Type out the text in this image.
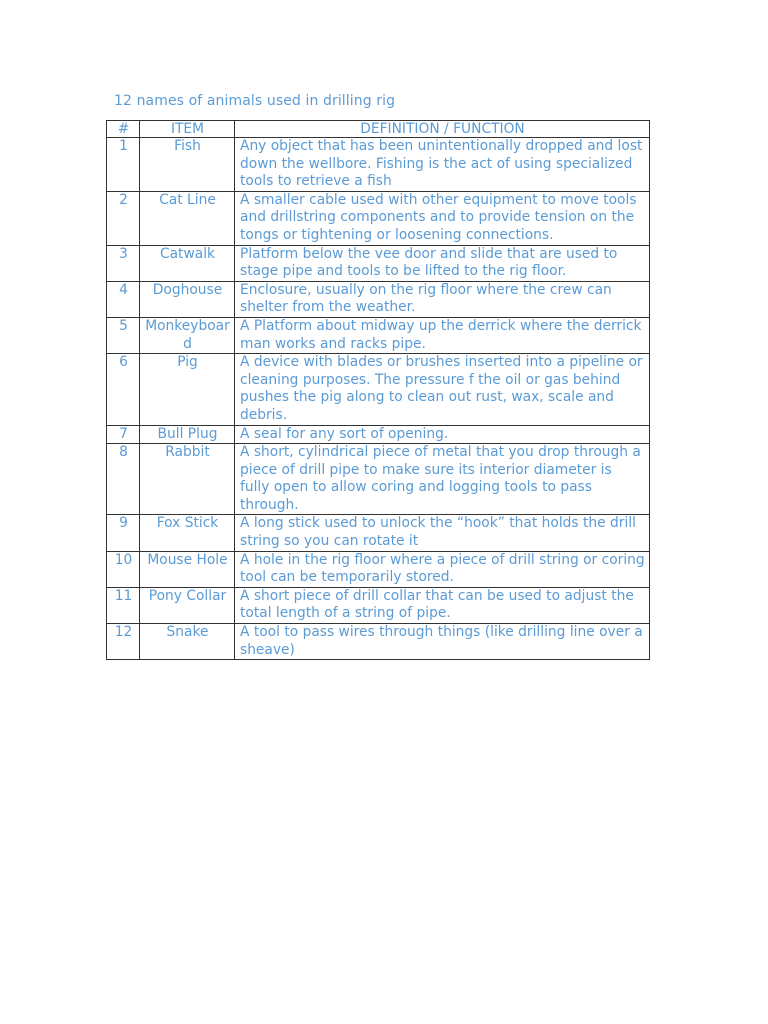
12 names of animals used in drilling rig
#	ITEM	DEFINITION / FUNCTION
1	Fish	Any object that has been unintentionally dropped and lost down the wellbore. Fishing is the act of using specialized tools to retrieve a fish
2	Cat Line	A smaller cable used with other equipment to move tools and drillstring components and to provide tension on the tongs or tightening or loosening connections.
3	Catwalk	Platform below the vee door and slide that are used to stage pipe and tools to be lifted to the rig floor.
4	Doghouse	Enclosure, usually on the rig floor where the crew can shelter from the weather.
5	Monkeyboard	A Platform about midway up the derrick where the derrick man works and racks pipe.
6	Pig	A device with blades or brushes inserted into a pipeline or cleaning purposes. The pressure f the oil or gas behind pushes the pig along to clean out rust, wax, scale and debris.
7	Bull Plug	A seal for any sort of opening.
8	Rabbit	A short, cylindrical piece of metal that you drop through a piece of drill pipe to make sure its interior diameter is fully open to allow coring and logging tools to pass through.
9	Fox Stick	A long stick used to unlock the “hook” that holds the drill string so you can rotate it
10	Mouse Hole	A hole in the rig floor where a piece of drill string or coring tool can be temporarily stored.
11	Pony Collar	A short piece of drill collar that can be used to adjust the total length of a string of pipe.
12	Snake	A tool to pass wires through things (like drilling line over a sheave)
